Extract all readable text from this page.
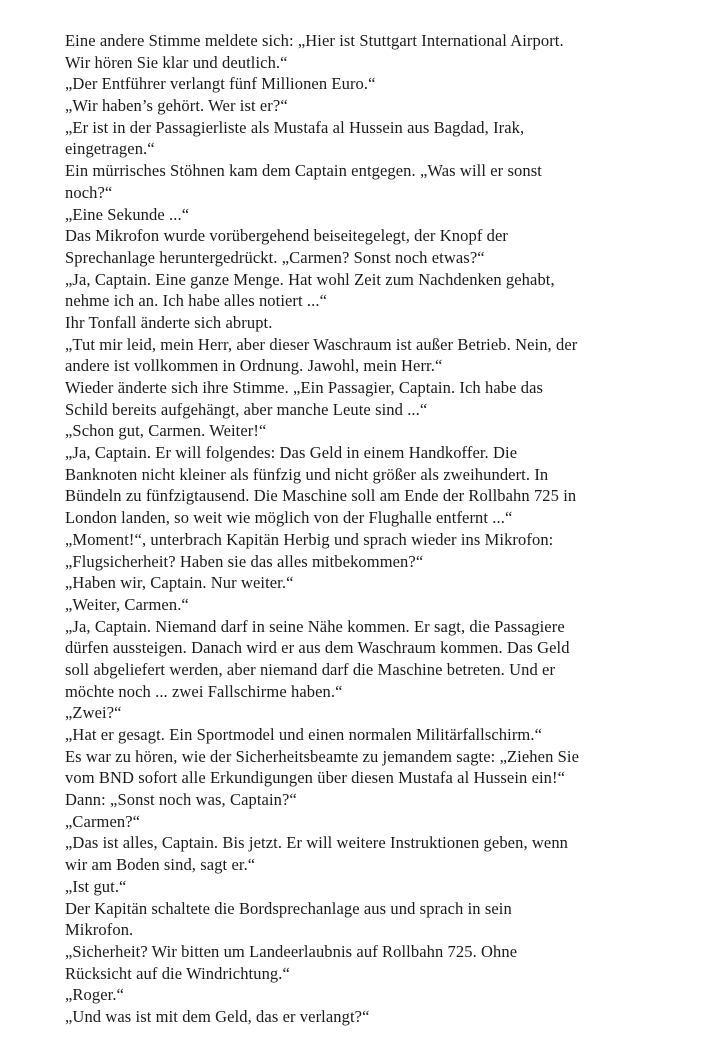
Eine andere Stimme meldete sich: „Hier ist Stuttgart International Airport.
Wir hören Sie klar und deutlich.“
„Der Entführer verlangt fünf Millionen Euro.“
„Wir haben’s gehört. Wer ist er?“
„Er ist in der Passagierliste als Mustafa al Hussein aus Bagdad, Irak,
eingetragen.“
Ein mürrisches Stöhnen kam dem Captain entgegen. „Was will er sonst
noch?“
„Eine Sekunde ...“
Das Mikrofon wurde vorübergehend beiseitegelegt, der Knopf der
Sprechanlage heruntergedrückt. „Carmen? Sonst noch etwas?“
„Ja, Captain. Eine ganze Menge. Hat wohl Zeit zum Nachdenken gehabt,
nehme ich an. Ich habe alles notiert ...“
Ihr Tonfall änderte sich abrupt.
„Tut mir leid, mein Herr, aber dieser Waschraum ist außer Betrieb. Nein, der
andere ist vollkommen in Ordnung. Jawohl, mein Herr.“
Wieder änderte sich ihre Stimme. „Ein Passagier, Captain. Ich habe das
Schild bereits aufgehängt, aber manche Leute sind ...“
„Schon gut, Carmen. Weiter!“
„Ja, Captain. Er will folgendes: Das Geld in einem Handkoffer. Die
Banknoten nicht kleiner als fünfzig und nicht größer als zweihundert. In
Bündeln zu fünfzigtausend. Die Maschine soll am Ende der Rollbahn 725 in
London landen, so weit wie möglich von der Flughalle entfernt ...“
„Moment!“, unterbrach Kapitän Herbig und sprach wieder ins Mikrofon:
„Flugsicherheit? Haben sie das alles mitbekommen?“
„Haben wir, Captain. Nur weiter.“
„Weiter, Carmen.“
„Ja, Captain. Niemand darf in seine Nähe kommen. Er sagt, die Passagiere
dürfen aussteigen. Danach wird er aus dem Waschraum kommen. Das Geld
soll abgeliefert werden, aber niemand darf die Maschine betreten. Und er
möchte noch ... zwei Fallschirme haben.“
„Zwei?“
„Hat er gesagt. Ein Sportmodel und einen normalen Militärfallschirm.“
Es war zu hören, wie der Sicherheitsbeamte zu jemandem sagte: „Ziehen Sie
vom BND sofort alle Erkundigungen über diesen Mustafa al Hussein ein!“
Dann: „Sonst noch was, Captain?“
„Carmen?“
„Das ist alles, Captain. Bis jetzt. Er will weitere Instruktionen geben, wenn
wir am Boden sind, sagt er.“
„Ist gut.“
Der Kapitän schaltete die Bordsprechanlage aus und sprach in sein
Mikrofon.
„Sicherheit? Wir bitten um Landeerlaubnis auf Rollbahn 725. Ohne
Rücksicht auf die Windrichtung.“
„Roger.“
„Und was ist mit dem Geld, das er verlangt?“
